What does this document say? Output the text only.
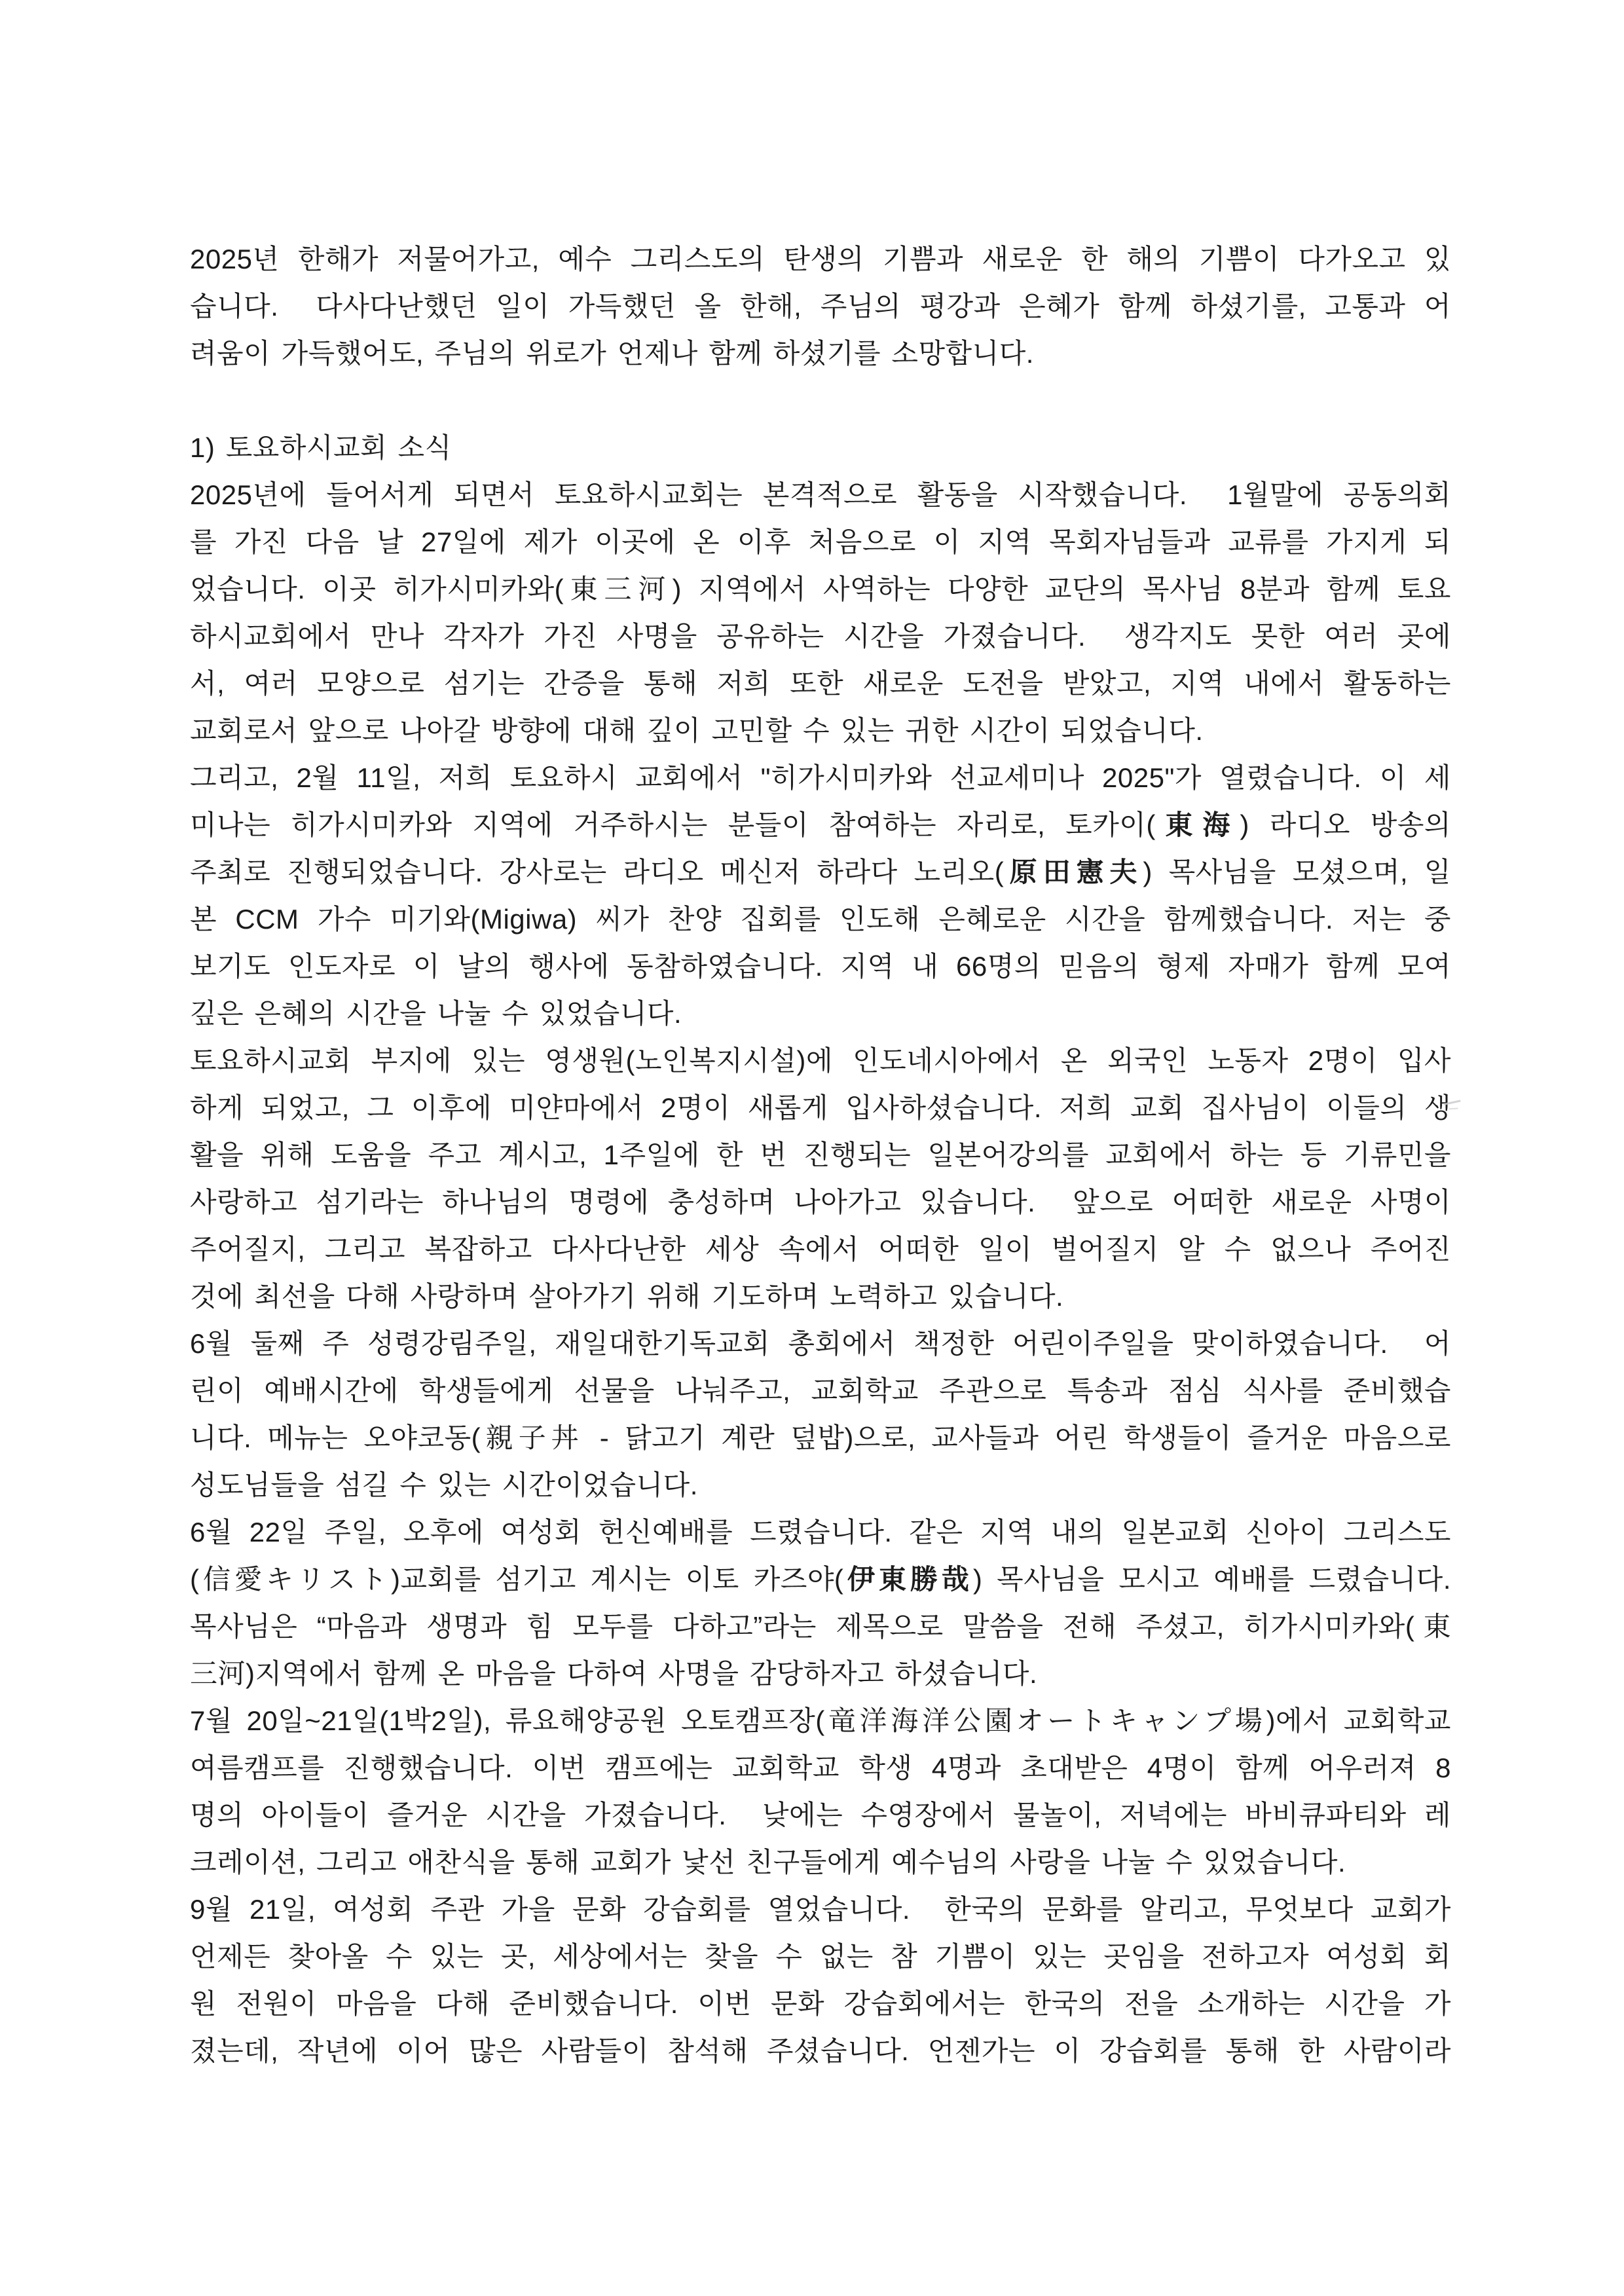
2025년 한해가 저물어가고, 예수 그리스도의 탄생의 기쁨과 새로운 한 해의 기쁨이 다가오고 있
습니다.  다사다난했던 일이 가득했던 올 한해, 주님의 평강과 은혜가 함께 하셨기를, 고통과 어
려움이 가득했어도, 주님의 위로가 언제나 함께 하셨기를 소망합니다.
1) 토요하시교회 소식
2025년에 들어서게 되면서 토요하시교회는 본격적으로 활동을 시작했습니다.  1월말에 공동의회
를 가진 다음 날 27일에 제가 이곳에 온 이후 처음으로 이 지역 목회자님들과 교류를 가지게 되
었습니다. 이곳 히가시미카와(東三河) 지역에서 사역하는 다양한 교단의 목사님 8분과 함께 토요
하시교회에서 만나 각자가 가진 사명을 공유하는 시간을 가졌습니다.  생각지도 못한 여러 곳에
서, 여러 모양으로 섬기는 간증을 통해 저희 또한 새로운 도전을 받았고, 지역 내에서 활동하는
교회로서 앞으로 나아갈 방향에 대해 깊이 고민할 수 있는 귀한 시간이 되었습니다.
그리고, 2월 11일, 저희 토요하시 교회에서 "히가시미카와 선교세미나 2025"가 열렸습니다. 이 세
미나는 히가시미카와 지역에 거주하시는 분들이 참여하는 자리로, 토카이(東海) 라디오 방송의
주최로 진행되었습니다. 강사로는 라디오 메신저 하라다 노리오(原田憲夫) 목사님을 모셨으며, 일
본 CCM 가수 미기와(Migiwa) 씨가 찬양 집회를 인도해 은혜로운 시간을 함께했습니다. 저는 중
보기도 인도자로 이 날의 행사에 동참하였습니다. 지역 내 66명의 믿음의 형제 자매가 함께 모여
깊은 은혜의 시간을 나눌 수 있었습니다.
토요하시교회 부지에 있는 영생원(노인복지시설)에 인도네시아에서 온 외국인 노동자 2명이 입사
하게 되었고, 그 이후에 미얀마에서 2명이 새롭게 입사하셨습니다. 저희 교회 집사님이 이들의 생
활을 위해 도움을 주고 계시고, 1주일에 한 번 진행되는 일본어강의를 교회에서 하는 등 기류민을
사랑하고 섬기라는 하나님의 명령에 충성하며 나아가고 있습니다.  앞으로 어떠한 새로운 사명이
주어질지, 그리고 복잡하고 다사다난한 세상 속에서 어떠한 일이 벌어질지 알 수 없으나 주어진
것에 최선을 다해 사랑하며 살아가기 위해 기도하며 노력하고 있습니다.
6월 둘째 주 성령강림주일, 재일대한기독교회 총회에서 책정한 어린이주일을 맞이하였습니다.  어
린이 예배시간에 학생들에게 선물을 나눠주고, 교회학교 주관으로 특송과 점심 식사를 준비했습
니다. 메뉴는 오야코동(親子丼 - 닭고기 계란 덮밥)으로, 교사들과 어린 학생들이 즐거운 마음으로
성도님들을 섬길 수 있는 시간이었습니다.
6월 22일 주일, 오후에 여성회 헌신예배를 드렸습니다. 같은 지역 내의 일본교회 신아이 그리스도
(信愛キリスト)교회를 섬기고 계시는 이토 카즈야(伊東勝哉) 목사님을 모시고 예배를 드렸습니다.
목사님은 “마음과 생명과 힘 모두를 다하고”라는 제목으로 말씀을 전해 주셨고, 히가시미카와(東
三河)지역에서 함께 온 마음을 다하여 사명을 감당하자고 하셨습니다.
7월 20일~21일(1박2일), 류요해양공원 오토캠프장(竜洋海洋公園オートキャンプ場)에서 교회학교
여름캠프를 진행했습니다. 이번 캠프에는 교회학교 학생 4명과 초대받은 4명이 함께 어우러져 8
명의 아이들이 즐거운 시간을 가졌습니다.  낮에는 수영장에서 물놀이, 저녁에는 바비큐파티와 레
크레이션, 그리고 애찬식을 통해 교회가 낯선 친구들에게 예수님의 사랑을 나눌 수 있었습니다.
9월 21일, 여성회 주관 가을 문화 강습회를 열었습니다.  한국의 문화를 알리고, 무엇보다 교회가
언제든 찾아올 수 있는 곳, 세상에서는 찾을 수 없는 참 기쁨이 있는 곳임을 전하고자 여성회 회
원 전원이 마음을 다해 준비했습니다. 이번 문화 강습회에서는 한국의 전을 소개하는 시간을 가
졌는데, 작년에 이어 많은 사람들이 참석해 주셨습니다. 언젠가는 이 강습회를 통해 한 사람이라
